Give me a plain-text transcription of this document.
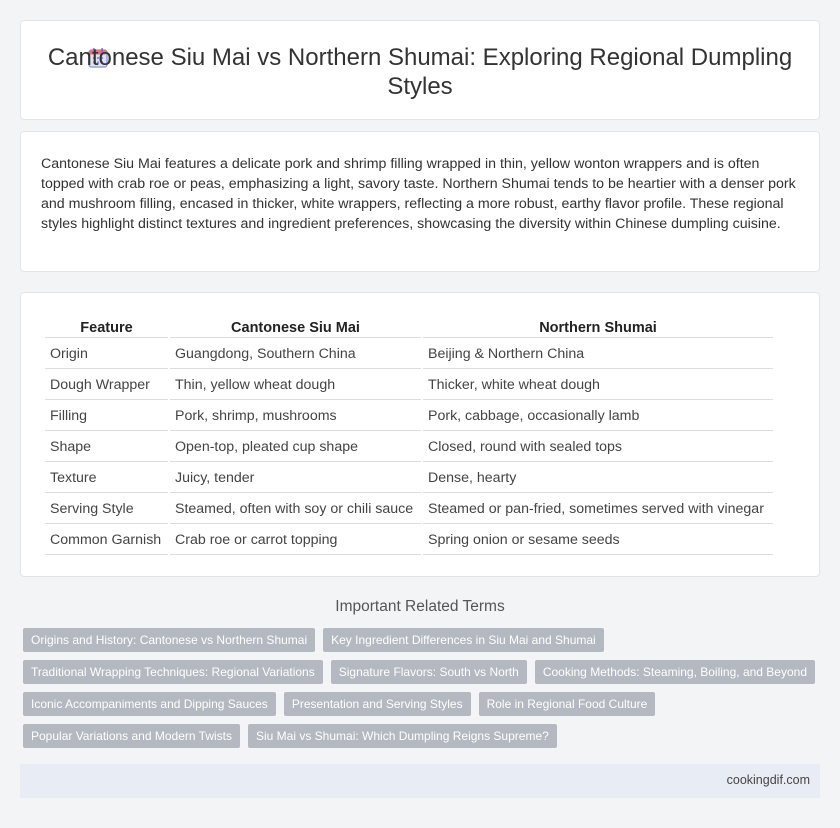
Cantonese Siu Mai vs Northern Shumai: Exploring Regional Dumpling Styles

Cantonese Siu Mai features a delicate pork and shrimp filling wrapped in thin, yellow wonton wrappers and is often topped with crab roe or peas, emphasizing a light, savory taste. Northern Shumai tends to be heartier with a denser pork and mushroom filling, encased in thicker, white wrappers, reflecting a more robust, earthy flavor profile. These regional styles highlight distinct textures and ingredient preferences, showcasing the diversity within Chinese dumpling cuisine.

Feature	Cantonese Siu Mai	Northern Shumai
Origin	Guangdong, Southern China	Beijing & Northern China
Dough Wrapper	Thin, yellow wheat dough	Thicker, white wheat dough
Filling	Pork, shrimp, mushrooms	Pork, cabbage, occasionally lamb
Shape	Open-top, pleated cup shape	Closed, round with sealed tops
Texture	Juicy, tender	Dense, hearty
Serving Style	Steamed, often with soy or chili sauce	Steamed or pan-fried, sometimes served with vinegar
Common Garnish	Crab roe or carrot topping	Spring onion or sesame seeds
Important Related Terms
Origins and History: Cantonese vs Northern Shumai	Key Ingredient Differences in Siu Mai and Shumai
Traditional Wrapping Techniques: Regional Variations	Signature Flavors: South vs North	Cooking Methods: Steaming, Boiling, and Beyond
Iconic Accompaniments and Dipping Sauces	Presentation and Serving Styles	Role in Regional Food Culture
Popular Variations and Modern Twists	Siu Mai vs Shumai: Which Dumpling Reigns Supreme?
cookingdif.com
